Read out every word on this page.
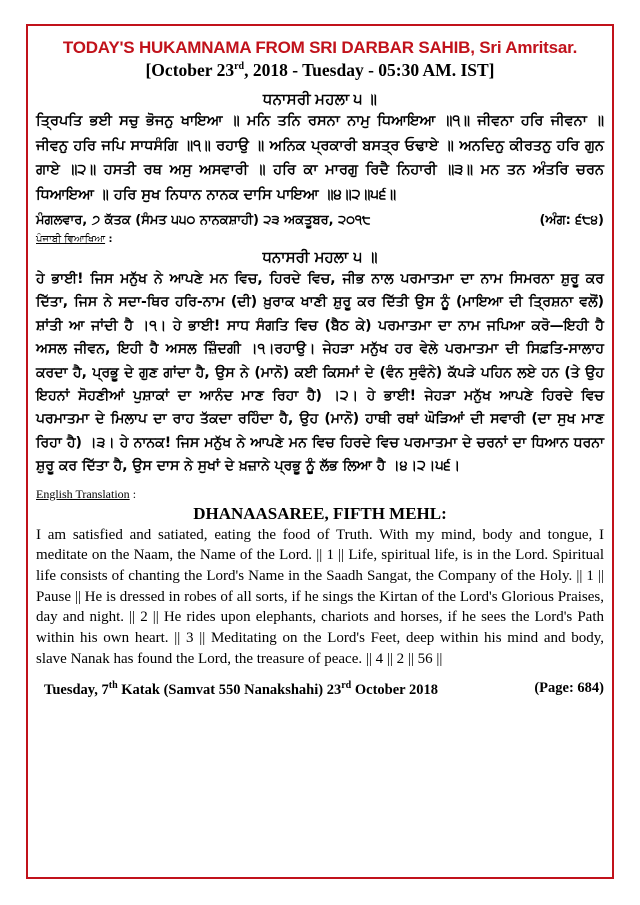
TODAY'S HUKAMNAMA FROM SRI DARBAR SAHIB, Sri Amritsar.
[October 23rd, 2018 - Tuesday - 05:30 AM. IST]
ਧਨਾਸਰੀ ਮਹਲਾ ੫ ॥
ਤ੍ਰਿਪਤਿ ਭਈ ਸਚੁ ਭੋਜਨੁ ਖਾਇਆ ॥ ਮਨਿ ਤਨਿ ਰਸਨਾ ਨਾਮੁ ਧਿਆਇਆ ॥੧॥ ਜੀਵਨਾ ਹਰਿ ਜੀਵਨਾ ॥ ਜੀਵਨੁ ਹਰਿ ਜਪਿ ਸਾਧਸੰਗਿ ॥੧॥ ਰਹਾਉ ॥ ਅਨਿਕ ਪ੍ਰਕਾਰੀ ਬਸਤ੍ਰ ਓਢਾਏ ॥ ਅਨਦਿਨੁ ਕੀਰਤਨੁ ਹਰਿ ਗੁਨ ਗਾਏ ॥੨॥ ਹਸਤੀ ਰਥ ਅਸੁ ਅਸਵਾਰੀ ॥ ਹਰਿ ਕਾ ਮਾਰਗੁ ਰਿਦੈ ਨਿਹਾਰੀ ॥੩॥ ਮਨ ਤਨ ਅੰਤਰਿ ਚਰਨ ਧਿਆਇਆ ॥ ਹਰਿ ਸੁਖ ਨਿਧਾਨ ਨਾਨਕ ਦਾਸਿ ਪਾਇਆ ॥੪॥੨॥੫੬॥
ਮੰਗਲਵਾਰ, ੭ ਕੱਤਕ (ਸੰਮਤ ੫੫੦ ਨਾਨਕਸ਼ਾਹੀ) ੨੩ ਅਕਤੂਬਰ, ੨੦੧੮	(ਅੰਗ: ੬੮੪)
ਪੰਜਾਬੀ ਵਿਆਖਿਆ :
ਧਨਾਸਰੀ ਮਹਲਾ ੫ ॥
ਹੇ ਭਾਈ! ਜਿਸ ਮਨੁੱਖ ਨੇ ਆਪਣੇ ਮਨ ਵਿਚ, ਹਿਰਦੇ ਵਿਚ, ਜੀਭ ਨਾਲ ਪਰਮਾਤਮਾ ਦਾ ਨਾਮ ਸਿਮਰਨਾ ਸ਼ੁਰੂ ਕਰ ਦਿੱਤਾ, ਜਿਸ ਨੇ ਸਦਾ-ਥਿਰ ਹਰਿ-ਨਾਮ (ਦੀ) ਖ਼ੁਰਾਕ ਖਾਣੀ ਸ਼ੁਰੂ ਕਰ ਦਿੱਤੀ ਉਸ ਨੂੰ (ਮਾਇਆ ਦੀ ਤ੍ਰਿਸ਼ਨਾ ਵਲੋਂ) ਸ਼ਾਂਤੀ ਆ ਜਾਂਦੀ ਹੈ ।੧। ਹੇ ਭਾਈ! ਸਾਧ ਸੰਗਤਿ ਵਿਚ (ਬੈਠ ਕੇ) ਪਰਮਾਤਮਾ ਦਾ ਨਾਮ ਜਪਿਆ ਕਰੋ—ਇਹੀ ਹੈ ਅਸਲ ਜੀਵਨ, ਇਹੀ ਹੈ ਅਸਲ ਜ਼ਿੰਦਗੀ ।੧।ਰਹਾਉ। ਜੇਹੜਾ ਮਨੁੱਖ ਹਰ ਵੇਲੇ ਪਰਮਾਤਮਾ ਦੀ ਸਿਫ਼ਤਿ-ਸਾਲਾਹ ਕਰਦਾ ਹੈ, ਪ੍ਰਭੂ ਦੇ ਗੁਣ ਗਾਂਦਾ ਹੈ, ਉਸ ਨੇ (ਮਾਨੋ) ਕਈ ਕਿਸਮਾਂ ਦੇ (ਵੰਨ ਸੁਵੰਨੇ) ਕੱਪੜੇ ਪਹਿਨ ਲਏ ਹਨ (ਤੇ ਉਹ ਇਹਨਾਂ ਸੋਹਣੀਆਂ ਪੁਸ਼ਾਕਾਂ ਦਾ ਆਨੰਦ ਮਾਣ ਰਿਹਾ ਹੈ) ।੨। ਹੇ ਭਾਈ! ਜੇਹੜਾ ਮਨੁੱਖ ਆਪਣੇ ਹਿਰਦੇ ਵਿਚ ਪਰਮਾਤਮਾ ਦੇ ਮਿਲਾਪ ਦਾ ਰਾਹ ਤੱਕਦਾ ਰਹਿੰਦਾ ਹੈ, ਉਹ (ਮਾਨੋ) ਹਾਥੀ ਰਥਾਂ ਘੋੜਿਆਂ ਦੀ ਸਵਾਰੀ (ਦਾ ਸੁਖ ਮਾਣ ਰਿਹਾ ਹੈ) ।੩। ਹੇ ਨਾਨਕ! ਜਿਸ ਮਨੁੱਖ ਨੇ ਆਪਣੇ ਮਨ ਵਿਚ ਹਿਰਦੇ ਵਿਚ ਪਰਮਾਤਮਾ ਦੇ ਚਰਨਾਂ ਦਾ ਧਿਆਨ ਧਰਨਾ ਸ਼ੁਰੂ ਕਰ ਦਿੱਤਾ ਹੈ, ਉਸ ਦਾਸ ਨੇ ਸੁਖਾਂ ਦੇ ਖ਼ਜ਼ਾਨੇ ਪ੍ਰਭੂ ਨੂੰ ਲੱਭ ਲਿਆ ਹੈ ।੪।੨।੫੬।
English Translation :
DHANAASAREE, FIFTH MEHL:
I am satisfied and satiated, eating the food of Truth. With my mind, body and tongue, I meditate on the Naam, the Name of the Lord. || 1 || Life, spiritual life, is in the Lord. Spiritual life consists of chanting the Lord's Name in the Saadh Sangat, the Company of the Holy. || 1 || Pause || He is dressed in robes of all sorts, if he sings the Kirtan of the Lord's Glorious Praises, day and night. || 2 || He rides upon elephants, chariots and horses, if he sees the Lord's Path within his own heart. || 3 || Meditating on the Lord's Feet, deep within his mind and body, slave Nanak has found the Lord, the treasure of peace. || 4 || 2 || 56 ||
Tuesday, 7th Katak (Samvat 550 Nanakshahi) 23rd October 2018	(Page: 684)
